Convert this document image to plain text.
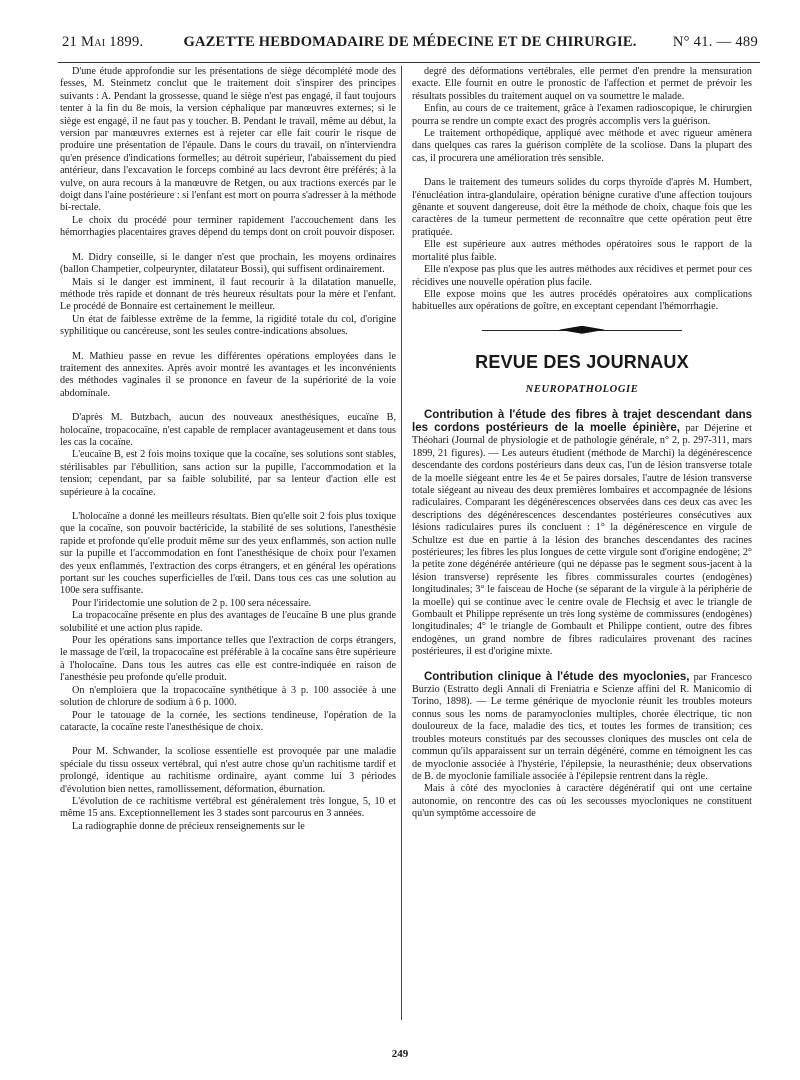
21 Mai 1899.	GAZETTE HEBDOMADAIRE DE MÉDECINE ET DE CHIRURGIE.	N° 41. — 489

D'une étude approfondie sur les présentations de siège décomplété mode des fesses, M. Steinmetz conclut que le traitement doit s'inspirer des principes suivants : A. Pendant la grossesse, quand le siège n'est pas engagé, il faut toujours tenter à la fin du 8e mois, la version céphalique par manœuvres externes; si le siège est engagé, il ne faut pas y toucher. B. Pendant le travail, même au début, la version par manœuvres externes est à rejeter car elle fait courir le risque de produire une présentation de l'épaule. Dans le cours du travail, on n'interviendra qu'en présence d'indications formelles; au détroit supérieur, l'abaissement du pied antérieur, dans l'excavation le forceps combiné au lacs devront être préférés; à la vulve, on aura recours à la manœuvre de Retgen, ou aux tractions exercés par le doigt dans l'aine postérieure : si l'enfant est mort on pourra s'adresser à la méthode bi-rectale.

Le choix du procédé pour terminer rapidement l'accouchement dans les hémorrhagies placentaires graves dépend du temps dont on croit pouvoir disposer.

M. Didry conseille, si le danger n'est que prochain, les moyens ordinaires (ballon Champetier, colpeurynter, dilatateur Bossi), qui suffisent ordinairement.

Mais si le danger est imminent, il faut recourir à la dilatation manuelle, méthode très rapide et donnant de très heureux résultats pour la mère et l'enfant. Le procédé de Bonnaire est certainement le meilleur.

Un état de faiblesse extrême de la femme, la rigidité totale du col, d'origine syphilitique ou cancéreuse, sont les seules contre-indications absolues.

M. Mathieu passe en revue les différentes opérations employées dans le traitement des annexites. Après avoir montré les avantages et les inconvénients des méthodes vaginales il se prononce en faveur de la supériorité de la voie abdominale.

D'après M. Butzbach, aucun des nouveaux anesthésiques, eucaïne B, holocaïne, tropacocaïne, n'est capable de remplacer avantageusement et dans tous les cas la cocaïne.

L'eucaïne B, est 2 fois moins toxique que la cocaïne, ses solutions sont stables, stérilisables par l'ébullition, sans action sur la pupille, l'accommodation et la tension; cependant, par sa faible solubilité, par sa lenteur d'action elle est supérieure à la cocaïne.

L'holocaïne a donné les meilleurs résultats. Bien qu'elle soit 2 fois plus toxique que la cocaïne, son pouvoir bactéricide, la stabilité de ses solutions, l'anesthésie rapide et profonde qu'elle produit même sur des yeux enflammés, son action nulle sur la pupille et l'accommodation en font l'anesthésique de choix pour l'examen des yeux enflammés, l'extraction des corps étrangers, et en général les opérations portant sur les couches superficielles de l'œil. Dans tous ces cas une solution au 100e sera suffisante.

Pour l'iridectomie une solution de 2 p. 100 sera nécessaire.

La tropacocaïne présente en plus des avantages de l'eucaïne B une plus grande solubilité et une action plus rapide.

Pour les opérations sans importance telles que l'extraction de corps étrangers, le massage de l'œil, la tropacocaïne est préférable à la cocaïne sans être supérieure à l'holocaïne. Dans tous les autres cas elle est contre-indiquée en raison de l'anesthésie peu profonde qu'elle produit.

On n'emploiera que la tropacocaïne synthétique à 3 p. 100 associée à une solution de chlorure de sodium à 6 p. 1000.

Pour le tatouage de la cornée, les sections tendineuse, l'opération de la cataracte, la cocaïne reste l'anesthésique de choix.

Pour M. Schwander, la scoliose essentielle est provoquée par une maladie spéciale du tissu osseux vertébral, qui n'est autre chose qu'un rachitisme tardif et prolongé, identique au rachitisme ordinaire, ayant comme lui 3 périodes d'évolution bien nettes, ramollissement, déformation, éburnation.

L'évolution de ce rachitisme vertébral est généralement très longue, 5, 10 et même 15 ans. Exceptionnellement les 3 stades sont parcourus en 3 années.

La radiographie donne de précieux renseignements sur le

degré des déformations vertébrales, elle permet d'en prendre la mensuration exacte. Elle fournit en outre le pronostic de l'affection et permet de prévoir les résultats possibles du traitement auquel on va soumettre le malade.

Enfin, au cours de ce traitement, grâce à l'examen radioscopique, le chirurgien pourra se rendre un compte exact des progrès accomplis vers la guérison.

Le traitement orthopédique, appliqué avec méthode et avec rigueur amènera dans quelques cas rares la guérison complète de la scoliose. Dans la plupart des cas, il procurera une amélioration très sensible.

Dans le traitement des tumeurs solides du corps thyroïde d'après M. Humbert, l'énucléation intra-glandulaire, opération bénigne curative d'une affection toujours gênante et souvent dangereuse, doit être la méthode de choix, chaque fois que les caractères de la tumeur permettent de reconnaître que cette opération peut être pratiquée.

Elle est supérieure aux autres méthodes opératoires sous le rapport de la mortalité plus faible.

Elle n'expose pas plus que les autres méthodes aux récidives et permet pour ces récidives une nouvelle opération plus facile.

Elle expose moins que les autres procédés opératoires aux complications habituelles aux opérations de goître, en exceptant cependant l'hémorrhagie.

REVUE DES JOURNAUX
NEUROPATHOLOGIE

Contribution à l'étude des fibres à trajet descendant dans les cordons postérieurs de la moelle épinière, par Déjerine et Théohari (Journal de physiologie et de pathologie générale, n° 2, p. 297-311, mars 1899, 21 figures). — Les auteurs étudient (méthode de Marchi) la dégénérescence descendante des cordons postérieurs dans deux cas, l'un de lésion transverse totale de la moelle siégeant entre les 4e et 5e paires dorsales, l'autre de lésion transverse totale siégeant au niveau des deux premières lombaires et accompagnée de lésions radiculaires. Comparant les dégénérescences observées dans ces deux cas avec les descriptions des dégénérescences descendantes postérieures consécutives aux lésions radiculaires pures ils concluent : 1° la dégénérescence en virgule de Schultze est due en partie à la lésion des branches descendantes des racines postérieures; les fibres les plus longues de cette virgule sont d'origine endogène; 2° la petite zone dégénérée antérieure (qui ne dépasse pas le segment sous-jacent à la lésion transverse) représente les fibres commissurales courtes (endogènes) longitudinales; 3° le faisceau de Hoche (se séparant de la virgule à la périphérie de la moelle) qui se continue avec le centre ovale de Flechsig et avec le triangle de Gombault et Philippe représente un très long système de commissures (endogènes) longitudinales; 4° le triangle de Gombault et Philippe contient, outre des fibres endogènes, un grand nombre de fibres radiculaires provenant des racines postérieures, il est d'origine mixte.

Contribution clinique à l'étude des myoclonies, par Francesco Burzio (Estratto degli Annali di Freniatria e Scienze affini del R. Manicomio di Torino, 1898). — Le terme générique de myoclonie réunit les troubles moteurs connus sous les noms de paramyoclonies multiples, chorée électrique, tic non douloureux de la face, maladie des tics, et toutes les formes de transition; ces troubles moteurs constitués par des secousses cloniques des muscles ont cela de commun qu'ils apparaissent sur un terrain dégénéré, comme en témoignent les cas de myoclonie associée à l'hystérie, l'épilepsie, la neurasthénie; deux observations de B. de myoclonie familiale associée à l'épilepsie rentrent dans la règle.

Mais à côté des myoclonies à caractère dégénératif qui ont une certaine autonomie, on rencontre des cas où les secousses myocloniques ne constituent qu'un symptôme accessoire de

249
